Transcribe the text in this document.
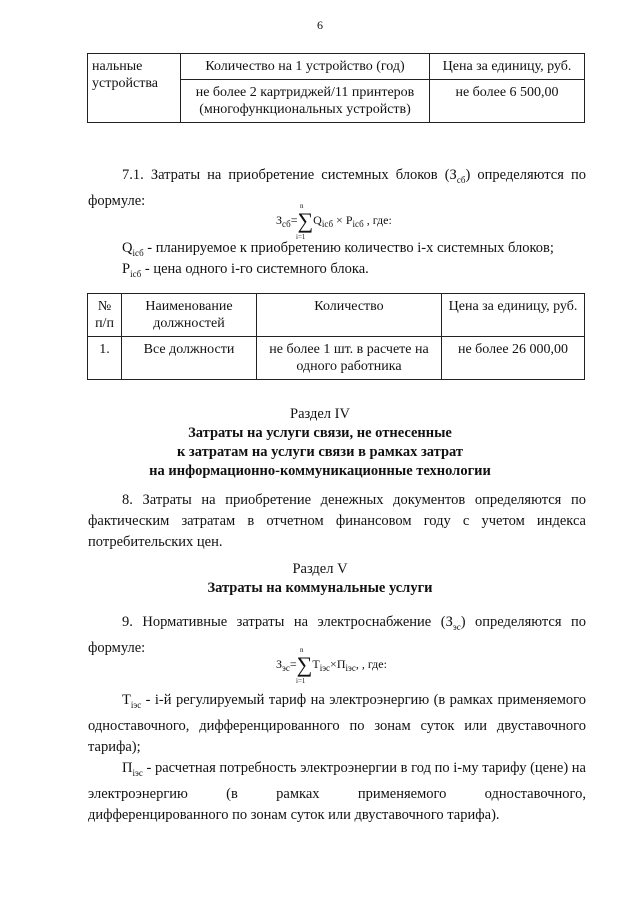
6
нальные устройства	Количество на 1 устройство (год)	Цена за единицу, руб.
	не более 2 картриджей/11 принтеров (многофункциональных устройств)	не более 6 500,00
7.1. Затраты на приобретение системных блоков $(З_{сб})$ определяются по формуле:
$З_{сб}=\sum Q_{iсб} \times P_{iсб}$ , где:
n
i=1
$Q_{iсб}$ - планируемое к приобретению количество i-х системных блоков;
$P_{iсб}$ - цена одного i-го системного блока.
№ п/п	Наименование должностей	Количество	Цена за единицу, руб.
1.	Все должности	не более 1 шт. в расчете на одного работника	не более 26 000,00
Раздел IV
Затраты на услуги связи, не отнесенные
к затратам на услуги связи в рамках затрат
на информационно-коммуникационные технологии
8. Затраты на приобретение денежных документов определяются по фактическим затратам в отчетном финансовом году с учетом индекса потребительских цен.
Раздел V
Затраты на коммунальные услуги
9. Нормативные затраты на электроснабжение $(З_{эс})$ определяются по формуле:
$З_{эс}=\sum Т_{iэс}\times П_{iэс}$, , где:
n
i=1
$Т_{iэс} - i-й$ регулируемый тариф на электроэнергию (в рамках применяемого одноставочного, дифференцированного по зонам суток или двуставочного тарифа);
$П_{iэс}$ - расчетная потребность электроэнергии в год по i-му тарифу (цене) на электроэнергию (в рамках применяемого одноставочного, дифференцированного по зонам суток или двуставочного тарифа).
